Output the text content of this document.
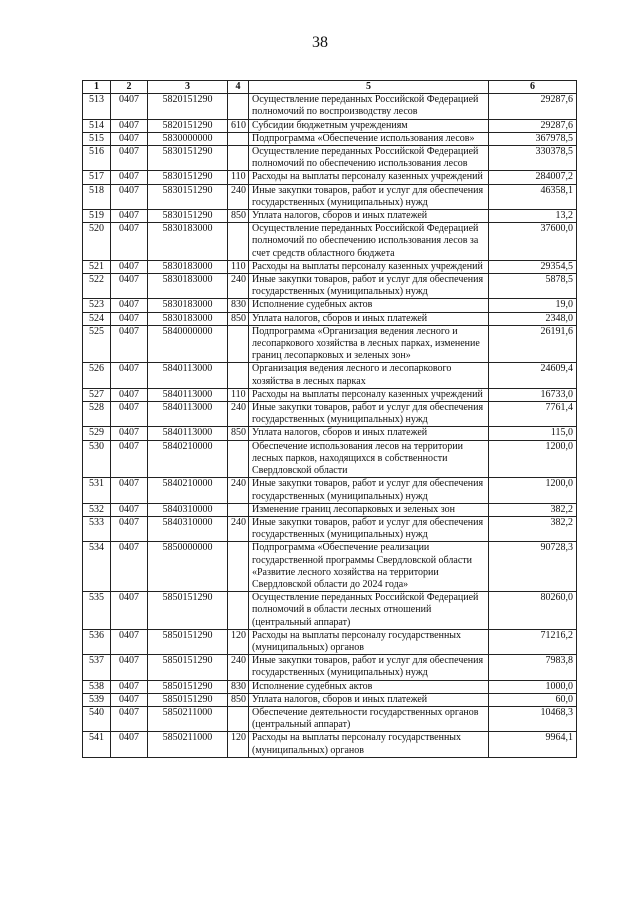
38
1	2	3	4	5	6
513	0407	5820151290		Осуществление переданных Российской Федерацией полномочий по воспроизводству лесов	29287,6
514	0407	5820151290	610	Субсидии бюджетным учреждениям	29287,6
515	0407	5830000000		Подпрограмма «Обеспечение использования лесов»	367978,5
516	0407	5830151290		Осуществление переданных Российской Федерацией полномочий по обеспечению использования лесов	330378,5
517	0407	5830151290	110	Расходы на выплаты персоналу казенных учреждений	284007,2
518	0407	5830151290	240	Иные закупки товаров, работ и услуг для обеспечения государственных (муниципальных) нужд	46358,1
519	0407	5830151290	850	Уплата налогов, сборов и иных платежей	13,2
520	0407	5830183000		Осуществление переданных Российской Федерацией полномочий по обеспечению использования лесов за счет средств областного бюджета	37600,0
521	0407	5830183000	110	Расходы на выплаты персоналу казенных учреждений	29354,5
522	0407	5830183000	240	Иные закупки товаров, работ и услуг для обеспечения государственных (муниципальных) нужд	5878,5
523	0407	5830183000	830	Исполнение судебных актов	19,0
524	0407	5830183000	850	Уплата налогов, сборов и иных платежей	2348,0
525	0407	5840000000		Подпрограмма «Организация ведения лесного и лесопаркового хозяйства в лесных парках, изменение границ лесопарковых и зеленых зон»	26191,6
526	0407	5840113000		Организация ведения лесного и лесопаркового хозяйства в лесных парках	24609,4
527	0407	5840113000	110	Расходы на выплаты персоналу казенных учреждений	16733,0
528	0407	5840113000	240	Иные закупки товаров, работ и услуг для обеспечения государственных (муниципальных) нужд	7761,4
529	0407	5840113000	850	Уплата налогов, сборов и иных платежей	115,0
530	0407	5840210000		Обеспечение использования лесов на территории лесных парков, находящихся в собственности Свердловской области	1200,0
531	0407	5840210000	240	Иные закупки товаров, работ и услуг для обеспечения государственных (муниципальных) нужд	1200,0
532	0407	5840310000		Изменение границ лесопарковых и зеленых зон	382,2
533	0407	5840310000	240	Иные закупки товаров, работ и услуг для обеспечения государственных (муниципальных) нужд	382,2
534	0407	5850000000		Подпрограмма «Обеспечение реализации государственной программы Свердловской области «Развитие лесного хозяйства на территории Свердловской области до 2024 года»	90728,3
535	0407	5850151290		Осуществление переданных Российской Федерацией полномочий в области лесных отношений (центральный аппарат)	80260,0
536	0407	5850151290	120	Расходы на выплаты персоналу государственных (муниципальных) органов	71216,2
537	0407	5850151290	240	Иные закупки товаров, работ и услуг для обеспечения государственных (муниципальных) нужд	7983,8
538	0407	5850151290	830	Исполнение судебных актов	1000,0
539	0407	5850151290	850	Уплата налогов, сборов и иных платежей	60,0
540	0407	5850211000		Обеспечение деятельности государственных органов (центральный аппарат)	10468,3
541	0407	5850211000	120	Расходы на выплаты персоналу государственных (муниципальных) органов	9964,1
